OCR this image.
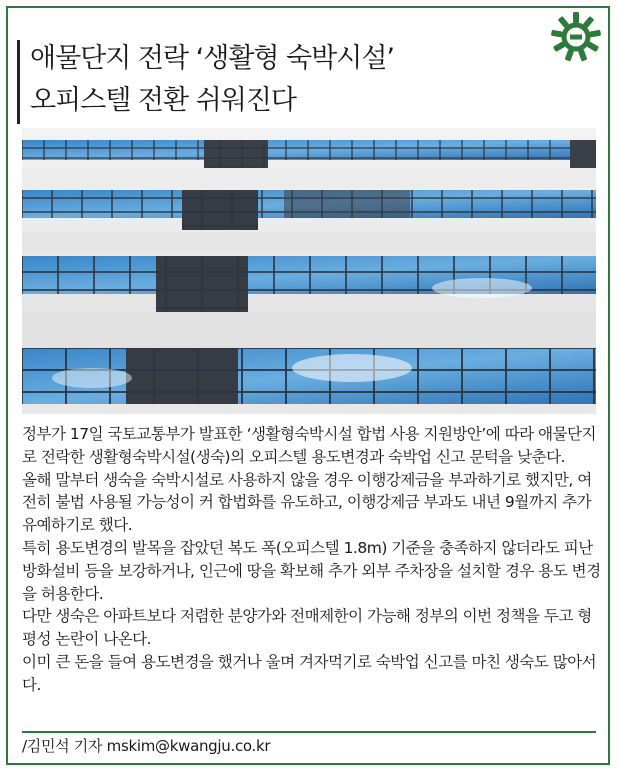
애물단지 전락 ‘생활형 숙박시설’
오피스텔 전환 쉬워진다

정부가 17일 국토교통부가 발표한 ‘생활형숙박시설 합법 사용 지원방안’에 따라 애물단지로 전락한 생활형숙박시설(생숙)의 오피스텔 용도변경과 숙박업 신고 문턱을 낮춘다.

올해 말부터 생숙을 숙박시설로 사용하지 않을 경우 이행강제금을 부과하기로 했지만, 여전히 불법 사용될 가능성이 커 합법화를 유도하고, 이행강제금 부과도 내년 9월까지 추가 유예하기로 했다.

특히 용도변경의 발목을 잡았던 복도 폭(오피스텔 1.8m) 기준을 충족하지 않더라도 피난방화설비 등을 보강하거나, 인근에 땅을 확보해 추가 외부 주차장을 설치할 경우 용도 변경을 허용한다.

다만 생숙은 아파트보다 저렴한 분양가와 전매제한이 가능해 정부의 이번 정책을 두고 형평성 논란이 나온다.

이미 큰 돈을 들여 용도변경을 했거나 울며 겨자먹기로 숙박업 신고를 마친 생숙도 많아서다.

/김민석 기자 mskim@kwangju.co.kr
